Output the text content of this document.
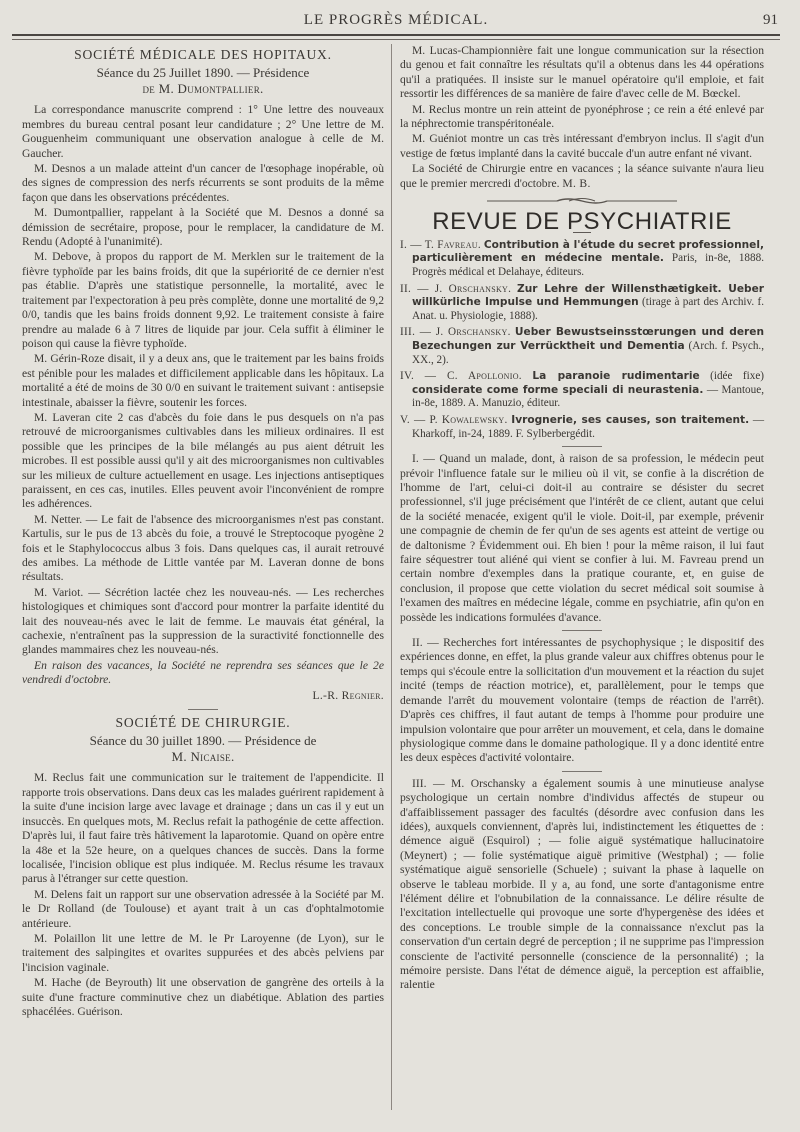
LE PROGRÈS MÉDICAL.	91
SOCIÉTÉ MÉDICALE DES HOPITAUX.
Séance du 25 Juillet 1890. — Présidence
de M. Dumontpallier.

La correspondance manuscrite comprend : 1° Une lettre des nouveaux membres du bureau central posant leur candidature ; 2° Une lettre de M. Gouguenheim communiquant une observation analogue à celle de M. Gaucher.

M. Desnos a un malade atteint d'un cancer de l'œsophage inopérable, où des signes de compression des nerfs récurrents se sont produits de la même façon que dans les observations précédentes.

M. Dumontpallier, rappelant à la Société que M. Desnos a donné sa démission de secrétaire, propose, pour le remplacer, la candidature de M. Rendu (Adopté à l'unanimité).

M. Debove, à propos du rapport de M. Merklen sur le traitement de la fièvre typhoïde par les bains froids, dit que la supériorité de ce dernier n'est pas établie. D'après une statistique personnelle, la mortalité, avec le traitement par l'expectoration à peu près complète, donne une mortalité de 9,2 0/0, tandis que les bains froids donnent 9,92. Le traitement consiste à faire prendre au malade 6 à 7 litres de liquide par jour. Cela suffit à éliminer le poison qui cause la fièvre typhoïde.

M. Gérin-Roze disait, il y a deux ans, que le traitement par les bains froids est pénible pour les malades et difficilement applicable dans les hôpitaux. La mortalité a été de moins de 30 0/0 en suivant le traitement suivant : antisepsie intestinale, abaisser la fièvre, soutenir les forces.

M. Laveran cite 2 cas d'abcès du foie dans le pus desquels on n'a pas retrouvé de microorganismes cultivables dans les milieux ordinaires. Il est possible que les principes de la bile mélangés au pus aient détruit les microbes. Il est possible aussi qu'il y ait des microorganismes non cultivables sur les milieux de culture actuellement en usage. Les injections antiseptiques paraissent, en ces cas, inutiles. Elles peuvent avoir l'inconvénient de rompre les adhérences.

M. Netter. — Le fait de l'absence des microorganismes n'est pas constant. Kartulis, sur le pus de 13 abcès du foie, a trouvé le Streptocoque pyogène 2 fois et le Staphylococcus albus 3 fois. Dans quelques cas, il aurait retrouvé des amibes. La méthode de Little vantée par M. Laveran donne de bons résultats.

M. Variot. — Sécrétion lactée chez les nouveau-nés. — Les recherches histologiques et chimiques sont d'accord pour montrer la parfaite identité du lait des nouveau-nés avec le lait de femme. Le mauvais état général, la cachexie, n'entraînent pas la suppression de la suractivité fonctionnelle des glandes mammaires chez les nouveau-nés.

En raison des vacances, la Société ne reprendra ses séances que le 2e vendredi d'octobre.

L.-R. Regnier.

SOCIÉTÉ DE CHIRURGIE.
Séance du 30 juillet 1890. — Présidence de
M. Nicaise.

M. Reclus fait une communication sur le traitement de l'appendicite. Il rapporte trois observations. Dans deux cas les malades guérirent rapidement à la suite d'une incision large avec lavage et drainage ; dans un cas il y eut un insuccès. En quelques mots, M. Reclus refait la pathogénie de cette affection. D'après lui, il faut faire très hâtivement la laparotomie. Quand on opère entre la 48e et la 52e heure, on a quelques chances de succès. Dans la forme localisée, l'incision oblique est plus indiquée. M. Reclus résume les travaux parus à l'étranger sur cette question.

M. Delens fait un rapport sur une observation adressée à la Société par M. le Dr Rolland (de Toulouse) et ayant trait à un cas d'ophtalmotomie antérieure.

M. Polaillon lit une lettre de M. le Pr Laroyenne (de Lyon), sur le traitement des salpingites et ovarites suppurées et des abcès pelviens par l'incision vaginale.

M. Hache (de Beyrouth) lit une observation de gangrène des orteils à la suite d'une fracture comminutive chez un diabétique. Ablation des parties sphacélées. Guérison.

M. Lucas-Championnière fait une longue communication sur la résection du genou et fait connaître les résultats qu'il a obtenus dans les 44 opérations qu'il a pratiquées. Il insiste sur le manuel opératoire qu'il emploie, et fait ressortir les différences de sa manière de faire d'avec celle de M. Bœckel.

M. Reclus montre un rein atteint de pyonéphrose ; ce rein a été enlevé par la néphrectomie transpéritonéale.

M. Guéniot montre un cas très intéressant d'embryon inclus. Il s'agit d'un vestige de fœtus implanté dans la cavité buccale d'un autre enfant né vivant.

La Société de Chirurgie entre en vacances ; la séance suivante n'aura lieu que le premier mercredi d'octobre. M. B.

REVUE DE PSYCHIATRIE
I. — T. Favreau. Contribution à l'étude du secret professionnel, particulièrement en médecine mentale. Paris, in-8e, 1888. Progrès médical et Delahaye, éditeurs.
II. — J. Orschansky. Zur Lehre der Willensthætigkeit. Ueber willkürliche Impulse und Hemmungen (tirage à part des Archiv. f. Anat. u. Physiologie, 1888).
III. — J. Orschansky. Ueber Bewustseinsstœrungen und deren Bezechungen zur Verrücktheit und Dementia (Arch. f. Psych., XX., 2).
IV. — C. Apollonio. La paranoie rudimentarie (idée fixe) considerate come forme speciali di neurastenia. — Mantoue, in-8e, 1889. A. Manuzio, éditeur.
V. — P. Kowalewsky. Ivrognerie, ses causes, son traitement. — Kharkoff, in-24, 1889. F. Sylberbergédit.

I. — Quand un malade, dont, à raison de sa profession, le médecin peut prévoir l'influence fatale sur le milieu où il vit, se confie à la discrétion de l'homme de l'art, celui-ci doit-il au contraire se désister du secret professionnel, s'il juge précisément que l'intérêt de ce client, autant que celui de la société menacée, exigent qu'il le viole. Doit-il, par exemple, prévenir une compagnie de chemin de fer qu'un de ses agents est atteint de vertige ou de daltonisme ? Évidemment oui. Eh bien ! pour la même raison, il lui faut faire séquestrer tout aliéné qui vient se confier à lui. M. Favreau prend un certain nombre d'exemples dans la pratique courante, et, en guise de conclusion, il propose que cette violation du secret médical soit soumise à l'examen des maîtres en médecine légale, comme en psychiatrie, afin qu'on en possède les indications formulées d'avance.

II. — Recherches fort intéressantes de psychophysique ; le dispositif des expériences donne, en effet, la plus grande valeur aux chiffres obtenus pour le temps qui s'écoule entre la sollicitation d'un mouvement et la réaction du sujet incité (temps de réaction motrice), et, parallèlement, pour le temps que demande l'arrêt du mouvement volontaire (temps de réaction de l'arrêt). D'après ces chiffres, il faut autant de temps à l'homme pour produire une impulsion volontaire que pour arrêter un mouvement, et cela, dans le domaine physiologique comme dans le domaine pathologique. Il y a donc identité entre les deux espèces d'activité volontaire.

III. — M. Orschansky a également soumis à une minutieuse analyse psychologique un certain nombre d'individus affectés de stupeur ou d'affaiblissement passager des facultés (désordre avec confusion dans les idées), auxquels conviennent, d'après lui, indistinctement les étiquettes de : démence aiguë (Esquirol) ; — folie aiguë systématique hallucinatoire (Meynert) ; — folie systématique aiguë primitive (Westphal) ; — folie systématique aiguë sensorielle (Schuele) ; suivant la phase à laquelle on observe le tableau morbide. Il y a, au fond, une sorte d'antagonisme entre l'élément délire et l'obnubilation de la connaissance. Le délire résulte de l'excitation intellectuelle qui provoque une sorte d'hypergenèse des idées et des conceptions. Le trouble simple de la connaissance n'exclut pas la conservation d'un certain degré de perception ; il ne supprime pas l'impression consciente de l'activité personnelle (conscience de la personnalité) ; la mémoire persiste. Dans l'état de démence aiguë, la perception est affaiblie, ralentie
